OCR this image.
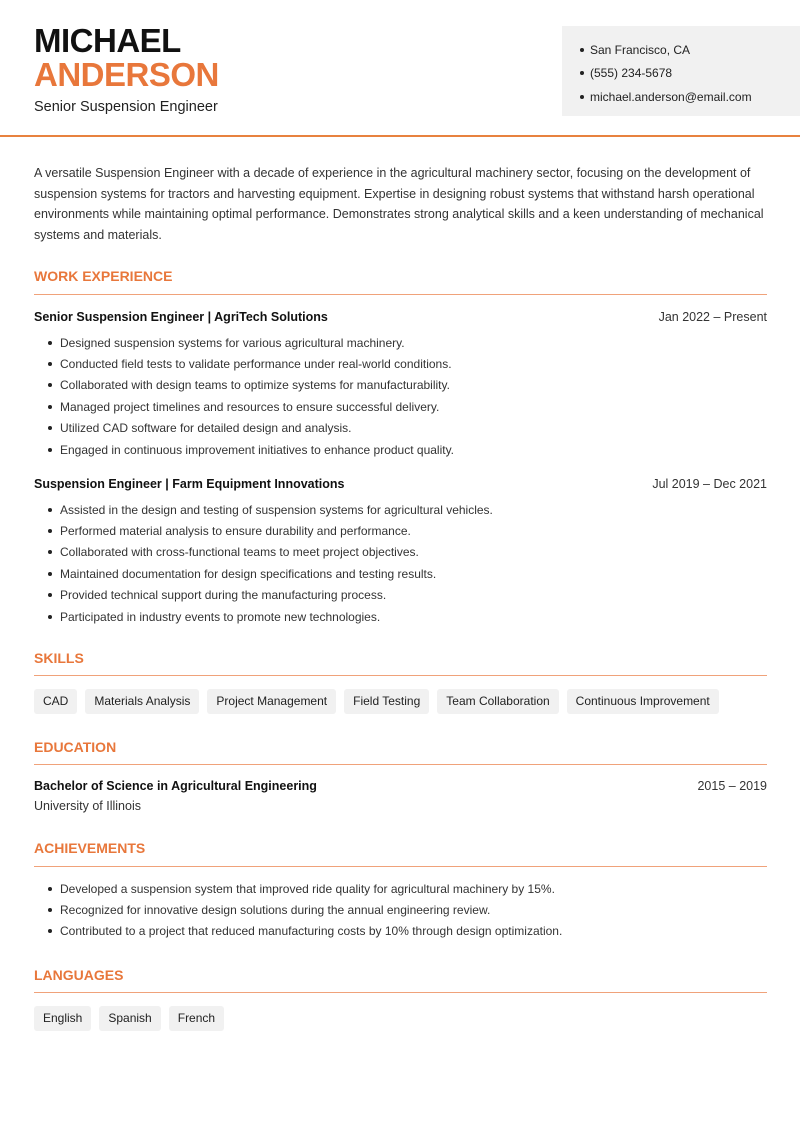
MICHAEL
ANDERSON
Senior Suspension Engineer
San Francisco, CA
(555) 234-5678
michael.anderson@email.com

A versatile Suspension Engineer with a decade of experience in the agricultural machinery sector, focusing on the development of suspension systems for tractors and harvesting equipment. Expertise in designing robust systems that withstand harsh operational environments while maintaining optimal performance. Demonstrates strong analytical skills and a keen understanding of mechanical systems and materials.

WORK EXPERIENCE
Senior Suspension Engineer | AgriTech Solutions	Jan 2022 – Present
Designed suspension systems for various agricultural machinery.
Conducted field tests to validate performance under real-world conditions.
Collaborated with design teams to optimize systems for manufacturability.
Managed project timelines and resources to ensure successful delivery.
Utilized CAD software for detailed design and analysis.
Engaged in continuous improvement initiatives to enhance product quality.
Suspension Engineer | Farm Equipment Innovations	Jul 2019 – Dec 2021
Assisted in the design and testing of suspension systems for agricultural vehicles.
Performed material analysis to ensure durability and performance.
Collaborated with cross-functional teams to meet project objectives.
Maintained documentation for design specifications and testing results.
Provided technical support during the manufacturing process.
Participated in industry events to promote new technologies.
SKILLS
CAD	Materials Analysis	Project Management	Field Testing	Team Collaboration	Continuous Improvement
EDUCATION
Bachelor of Science in Agricultural Engineering	2015 – 2019
University of Illinois
ACHIEVEMENTS
Developed a suspension system that improved ride quality for agricultural machinery by 15%.
Recognized for innovative design solutions during the annual engineering review.
Contributed to a project that reduced manufacturing costs by 10% through design optimization.
LANGUAGES
English	Spanish	French
